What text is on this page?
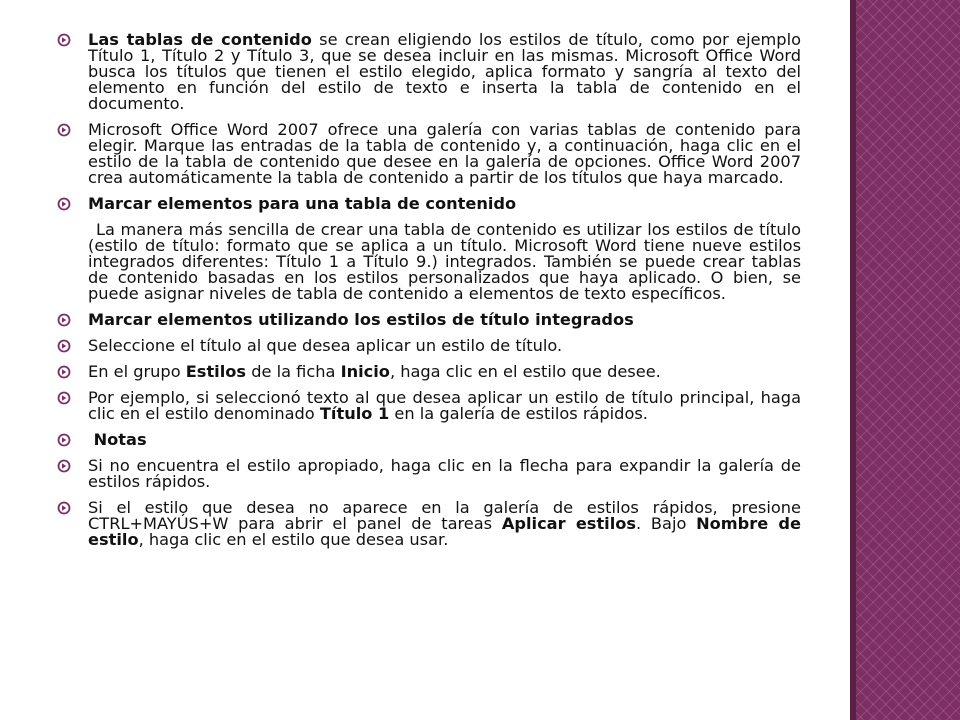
Las tablas de contenido se crean eligiendo los estilos de título, como por ejemplo Título 1, Título 2 y Título 3, que se desea incluir en las mismas. Microsoft Office Word busca los títulos que tienen el estilo elegido, aplica formato y sangría al texto del elemento en función del estilo de texto e inserta la tabla de contenido en el documento.
Microsoft Office Word 2007 ofrece una galería con varias tablas de contenido para elegir. Marque las entradas de la tabla de contenido y, a continuación, haga clic en el estilo de la tabla de contenido que desee en la galería de opciones. Office Word 2007 crea automáticamente la tabla de contenido a partir de los títulos que haya marcado.
Marcar elementos para una tabla de contenido
La manera más sencilla de crear una tabla de contenido es utilizar los estilos de título (estilo de título: formato que se aplica a un título. Microsoft Word tiene nueve estilos integrados diferentes: Título 1 a Título 9.) integrados. También se puede crear tablas de contenido basadas en los estilos personalizados que haya aplicado. O bien, se puede asignar niveles de tabla de contenido a elementos de texto específicos.
Marcar elementos utilizando los estilos de título integrados
Seleccione el título al que desea aplicar un estilo de título.
En el grupo Estilos de la ficha Inicio, haga clic en el estilo que desee.
Por ejemplo, si seleccionó texto al que desea aplicar un estilo de título principal, haga clic en el estilo denominado Título 1 en la galería de estilos rápidos.
Notas
Si no encuentra el estilo apropiado, haga clic en la flecha para expandir la galería de estilos rápidos.
Si el estilo que desea no aparece en la galería de estilos rápidos, presione CTRL+MAYÚS+W para abrir el panel de tareas Aplicar estilos. Bajo Nombre de estilo, haga clic en el estilo que desea usar.
